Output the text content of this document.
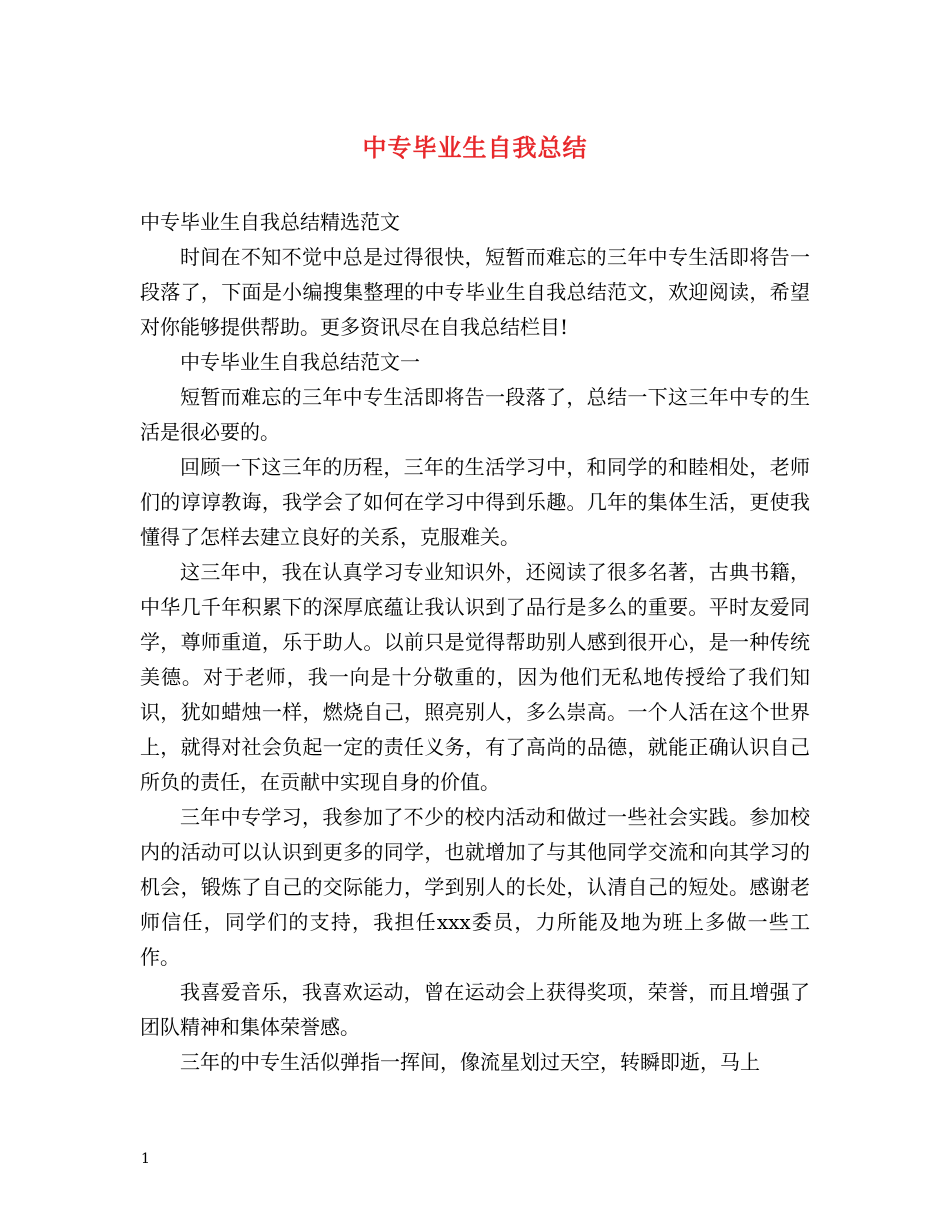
中专毕业生自我总结

中专毕业生自我总结精选范文

时间在不知不觉中总是过得很快，短暂而难忘的三年中专生活即将告一段落了，下面是小编搜集整理的中专毕业生自我总结范文，欢迎阅读，希望对你能够提供帮助。更多资讯尽在自我总结栏目!

中专毕业生自我总结范文一

短暂而难忘的三年中专生活即将告一段落了，总结一下这三年中专的生活是很必要的。

回顾一下这三年的历程，三年的生活学习中，和同学的和睦相处，老师们的谆谆教诲，我学会了如何在学习中得到乐趣。几年的集体生活，更使我懂得了怎样去建立良好的关系，克服难关。

这三年中，我在认真学习专业知识外，还阅读了很多名著，古典书籍，中华几千年积累下的深厚底蕴让我认识到了品行是多么的重要。平时友爱同学，尊师重道，乐于助人。以前只是觉得帮助别人感到很开心，是一种传统美德。对于老师，我一向是十分敬重的，因为他们无私地传授给了我们知识，犹如蜡烛一样，燃烧自己，照亮别人，多么崇高。一个人活在这个世界上，就得对社会负起一定的责任义务，有了高尚的品德，就能正确认识自己所负的责任，在贡献中实现自身的价值。

三年中专学习，我参加了不少的校内活动和做过一些社会实践。参加校内的活动可以认识到更多的同学，也就增加了与其他同学交流和向其学习的机会，锻炼了自己的交际能力，学到别人的长处，认清自己的短处。感谢老师信任，同学们的支持，我担任xxx委员，力所能及地为班上多做一些工作。

我喜爱音乐，我喜欢运动，曾在运动会上获得奖项，荣誉，而且增强了团队精神和集体荣誉感。

三年的中专生活似弹指一挥间，像流星划过天空，转瞬即逝，马上

1
